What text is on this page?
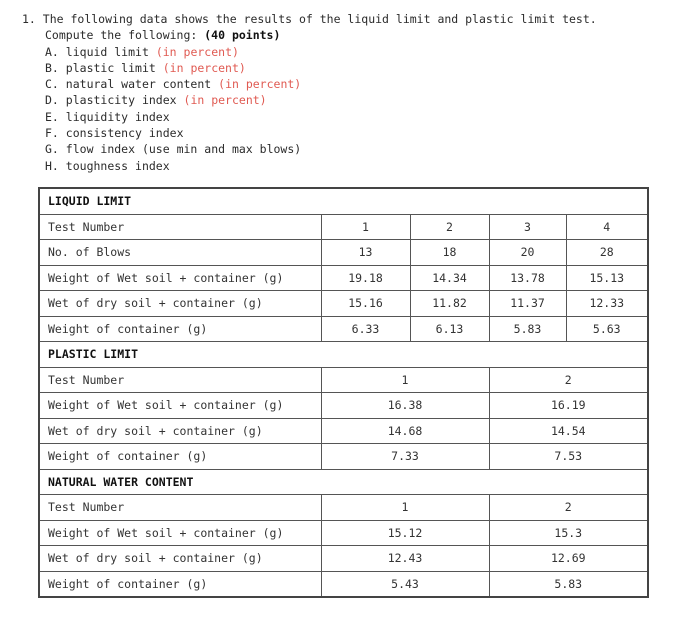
1. The following data shows the results of the liquid limit and plastic limit test.
Compute the following: (40 points)
A. liquid limit (in percent)
B. plastic limit (in percent)
C. natural water content (in percent)
D. plasticity index (in percent)
E. liquidity index
F. consistency index
G. flow index (use min and max blows)
H. toughness index
LIQUID LIMIT				
Test Number	1	2	3	4
No. of Blows	13	18	20	28
Weight of Wet soil + container (g)	19.18	14.34	13.78	15.13
Wet of dry soil + container (g)	15.16	11.82	11.37	12.33
Weight of container (g)	6.33	6.13	5.83	5.63
PLASTIC LIMIT				
Test Number	1		2	
Weight of Wet soil + container (g)	16.38		16.19	
Wet of dry soil + container (g)	14.68		14.54	
Weight of container (g)	7.33		7.53	
NATURAL WATER CONTENT				
Test Number	1		2	
Weight of Wet soil + container (g)	15.12		15.3	
Wet of dry soil + container (g)	12.43		12.69	
Weight of container (g)	5.43		5.83	
